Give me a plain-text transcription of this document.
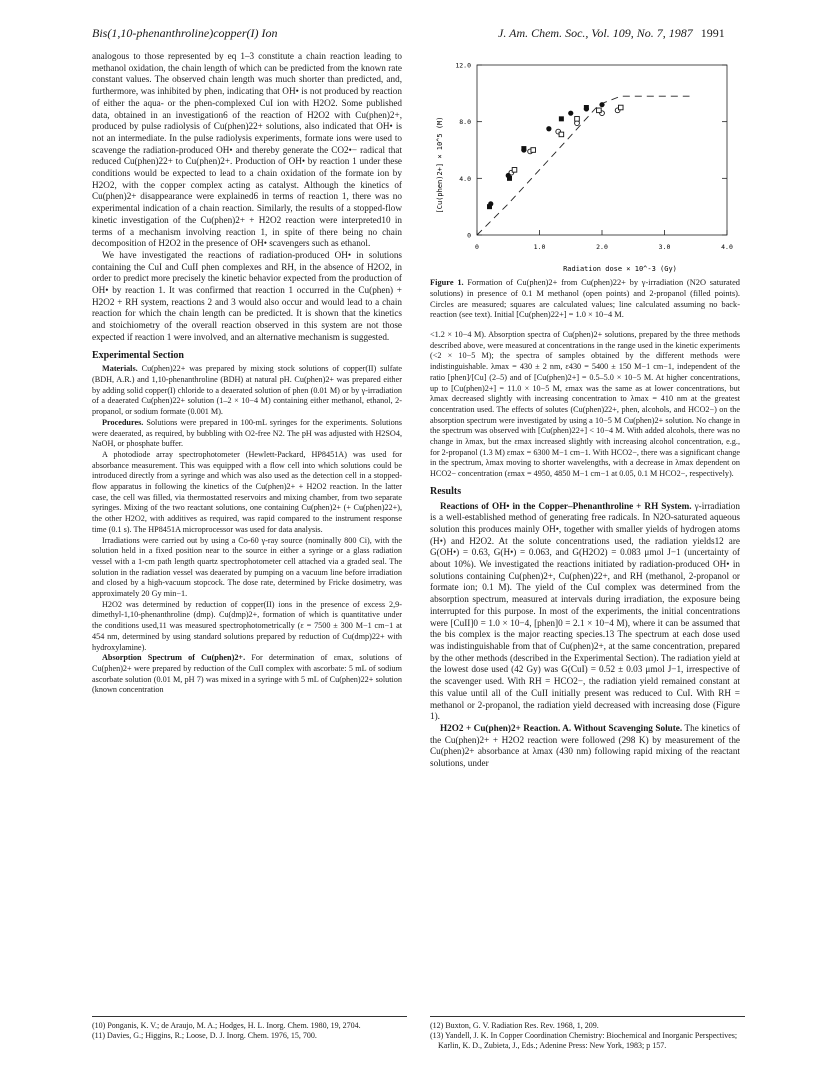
Bis(1,10-phenanthroline)copper(I) Ion	J. Am. Chem. Soc., Vol. 109, No. 7, 1987 1991

analogous to those represented by eq 1–3 constitute a chain reaction leading to methanol oxidation, the chain length of which can be predicted from the known rate constant values. The observed chain length was much shorter than predicted, and, furthermore, was inhibited by phen, indicating that OH• is not produced by reaction of either the aqua- or the phen-complexed CuI ion with H2O2. Some published data, obtained in an investigation6 of the reaction of H2O2 with Cu(phen)2+, produced by pulse radiolysis of Cu(phen)22+ solutions, also indicated that OH• is not an intermediate. In the pulse radiolysis experiments, formate ions were used to scavenge the radiation-produced OH• and thereby generate the CO2•− radical that reduced Cu(phen)22+ to Cu(phen)2+. Production of OH• by reaction 1 under these conditions would be expected to lead to a chain oxidation of the formate ion by H2O2, with the copper complex acting as catalyst. Although the kinetics of Cu(phen)2+ disappearance were explained6 in terms of reaction 1, there was no experimental indication of a chain reaction. Similarly, the results of a stopped-flow kinetic investigation of the Cu(phen)2+ + H2O2 reaction were interpreted10 in terms of a mechanism involving reaction 1, in spite of there being no chain decomposition of H2O2 in the presence of OH• scavengers such as ethanol.

We have investigated the reactions of radiation-produced OH• in solutions containing the CuI and CuII phen complexes and RH, in the absence of H2O2, in order to predict more precisely the kinetic behavior expected from the production of OH• by reaction 1. It was confirmed that reaction 1 occurred in the Cu(phen) + H2O2 + RH system, reactions 2 and 3 would also occur and would lead to a chain reaction for which the chain length can be predicted. It is shown that the kinetics and stoichiometry of the overall reaction observed in this system are not those expected if reaction 1 were involved, and an alternative mechanism is suggested.

Experimental Section

Materials. Cu(phen)22+ was prepared by mixing stock solutions of copper(II) sulfate (BDH, A.R.) and 1,10-phenanthroline (BDH) at natural pH. Cu(phen)2+ was prepared either by adding solid copper(I) chloride to a deaerated solution of phen (0.01 M) or by γ-irradiation of a deaerated Cu(phen)22+ solution (1–2 × 10−4 M) containing either methanol, ethanol, 2-propanol, or sodium formate (0.001 M).

Procedures. Solutions were prepared in 100-mL syringes for the experiments. Solutions were deaerated, as required, by bubbling with O2-free N2. The pH was adjusted with H2SO4, NaOH, or phosphate buffer.

A photodiode array spectrophotometer (Hewlett-Packard, HP8451A) was used for absorbance measurement. This was equipped with a flow cell into which solutions could be introduced directly from a syringe and which was also used as the detection cell in a stopped-flow apparatus in following the kinetics of the Cu(phen)2+ + H2O2 reaction. In the latter case, the cell was filled, via thermostatted reservoirs and mixing chamber, from two separate syringes. Mixing of the two reactant solutions, one containing Cu(phen)2+ (+ Cu(phen)22+), the other H2O2, with additives as required, was rapid compared to the instrument response time (0.1 s). The HP8451A microprocessor was used for data analysis.

Irradiations were carried out by using a Co-60 γ-ray source (nominally 800 Ci), with the solution held in a fixed position near to the source in either a syringe or a glass radiation vessel with a 1-cm path length quartz spectrophotometer cell attached via a graded seal. The solution in the radiation vessel was deaerated by pumping on a vacuum line before irradiation and closed by a high-vacuum stopcock. The dose rate, determined by Fricke dosimetry, was approximately 20 Gy min−1.

H2O2 was determined by reduction of copper(II) ions in the presence of excess 2,9-dimethyl-1,10-phenanthroline (dmp). Cu(dmp)2+, formation of which is quantitative under the conditions used,11 was measured spectrophotometrically (ε = 7500 ± 300 M−1 cm−1 at 454 nm, determined by using standard solutions prepared by reduction of Cu(dmp)22+ with hydroxylamine).

Absorption Spectrum of Cu(phen)2+. For determination of εmax, solutions of Cu(phen)2+ were prepared by reduction of the CuII complex with ascorbate: 5 mL of sodium ascorbate solution (0.01 M, pH 7) was mixed in a syringe with 5 mL of Cu(phen)22+ solution (known concentration

[Cu(phen)2+] × 10^5 (M)
Radiation dose × 10^-3 (Gy)
0
4.0
8.0
12.0
0	1.0	2.0	3.0	4.0
Figure 1. Formation of Cu(phen)2+ from Cu(phen)22+ by γ-irradiation (N2O saturated solutions) in presence of 0.1 M methanol (open points) and 2-propanol (filled points). Circles are measured; squares are calculated values; line calculated assuming no back-reaction (see text). Initial [Cu(phen)22+] = 1.0 × 10−4 M.

<1.2 × 10−4 M). Absorption spectra of Cu(phen)2+ solutions, prepared by the three methods described above, were measured at concentrations in the range used in the kinetic experiments (<2 × 10−5 M); the spectra of samples obtained by the different methods were indistinguishable. λmax = 430 ± 2 nm, ε430 = 5400 ± 150 M−1 cm−1, independent of the ratio [phen]/[Cu] (2–5) and of [Cu(phen)2+] = 0.5–5.0 × 10−5 M. At higher concentrations, up to [Cu(phen)2+] = 11.0 × 10−5 M, εmax was the same as at lower concentrations, but λmax decreased slightly with increasing concentration to λmax = 410 nm at the greatest concentration used. The effects of solutes (Cu(phen)22+, phen, alcohols, and HCO2−) on the absorption spectrum were investigated by using a 10−5 M Cu(phen)2+ solution. No change in the spectrum was observed with [Cu(phen)22+] < 10−4 M. With added alcohols, there was no change in λmax, but the εmax increased slightly with increasing alcohol concentration, e.g., for 2-propanol (1.3 M) εmax = 6300 M−1 cm−1. With HCO2−, there was a significant change in the spectrum, λmax moving to shorter wavelengths, with a decrease in λmax dependent on HCO2− concentration (εmax = 4950, 4850 M−1 cm−1 at 0.05, 0.1 M HCO2−, respectively).

Results

Reactions of OH• in the Copper–Phenanthroline + RH System. γ-irradiation is a well-established method of generating free radicals. In N2O-saturated aqueous solution this produces mainly OH•, together with smaller yields of hydrogen atoms (H•) and H2O2. At the solute concentrations used, the radiation yields12 are G(OH•) = 0.63, G(H•) = 0.063, and G(H2O2) = 0.083 μmol J−1 (uncertainty of about 10%). We investigated the reactions initiated by radiation-produced OH• in solutions containing Cu(phen)2+, Cu(phen)22+, and RH (methanol, 2-propanol or formate ion; 0.1 M). The yield of the CuI complex was determined from the absorption spectrum, measured at intervals during irradiation, the exposure being interrupted for this purpose. In most of the experiments, the initial concentrations were [CuII]0 = 1.0 × 10−4, [phen]0 = 2.1 × 10−4 M), where it can be assumed that the bis complex is the major reacting species.13 The spectrum at each dose used was indistinguishable from that of Cu(phen)2+, at the same concentration, prepared by the other methods (described in the Experimental Section). The radiation yield at the lowest dose used (42 Gy) was G(CuI) = 0.52 ± 0.03 μmol J−1, irrespective of the scavenger used. With RH = HCO2−, the radiation yield remained constant at this value until all of the CuII initially present was reduced to CuI. With RH = methanol or 2-propanol, the radiation yield decreased with increasing dose (Figure 1).

H2O2 + Cu(phen)2+ Reaction. A. Without Scavenging Solute. The kinetics of the Cu(phen)2+ + H2O2 reaction were followed (298 K) by measurement of the Cu(phen)2+ absorbance at λmax (430 nm) following rapid mixing of the reactant solutions, under

(10) Ponganis, K. V.; de Araujo, M. A.; Hodges, H. L. Inorg. Chem. 1980, 19, 2704.

(11) Davies, G.; Higgins, R.; Loose, D. J. Inorg. Chem. 1976, 15, 700.

(12) Buxton, G. V. Radiation Res. Rev. 1968, 1, 209.

(13) Yandell, J. K. In Copper Coordination Chemistry: Biochemical and Inorganic Perspectives; Karlin, K. D., Zubieta, J., Eds.; Adenine Press: New York, 1983; p 157.
